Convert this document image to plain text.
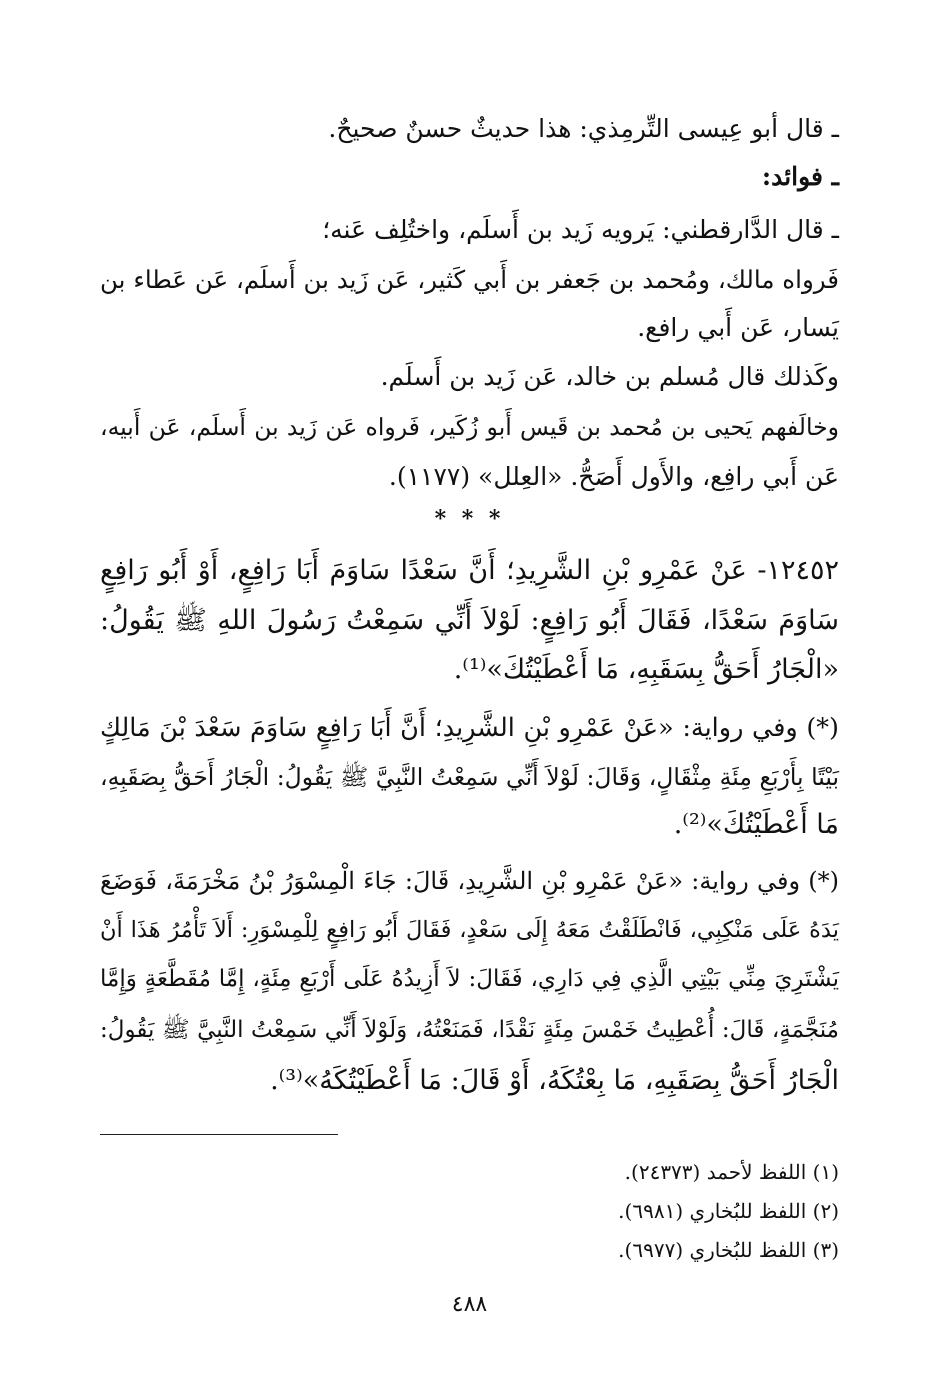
ـ قال أبو عِيسى التِّرمِذي: هذا حديثٌ حسنٌ صحيحٌ.
ـ فوائد:
ـ قال الدَّارقطني: يَرويه زَيد بن أَسلَم، واختُلِف عَنه؛
فَرواه مالك، ومُحمد بن جَعفر بن أَبي كَثير، عَن زَيد بن أَسلَم، عَن عَطاء بن
يَسار، عَن أَبي رافع.
وكَذلك قال مُسلم بن خالد، عَن زَيد بن أَسلَم.
وخالَفهم يَحيى بن مُحمد بن قَيس أَبو زُكَير، فَرواه عَن زَيد بن أَسلَم، عَن أَبيه،
عَن أَبي رافِع، والأَول أَصَحُّ. «العِلل» (١١٧٧).
* * *
١٢٤٥٢- عَنْ عَمْرِو بْنِ الشَّرِيدِ؛ أَنَّ سَعْدًا سَاوَمَ أَبَا رَافِعٍ، أَوْ أَبُو رَافِعٍ
سَاوَمَ سَعْدًا، فَقَالَ أَبُو رَافِعٍ: لَوْلاَ أَنِّي سَمِعْتُ رَسُولَ اللهِ ﷺ يَقُولُ:
«الْجَارُ أَحَقُّ بِسَقَبِهِ، مَا أَعْطَيْتُكَ»⁽¹⁾.
(*) وفي رواية: «عَنْ عَمْرِو بْنِ الشَّرِيدِ؛ أَنَّ أَبَا رَافِعٍ سَاوَمَ سَعْدَ بْنَ مَالِكٍ
بَيْتًا بِأَرْبَعِ مِئَةِ مِثْقَالٍ، وَقَالَ: لَوْلاَ أَنِّي سَمِعْتُ النَّبِيَّ ﷺ يَقُولُ: الْجَارُ أَحَقُّ بِصَقَبِهِ،
مَا أَعْطَيْتُكَ»⁽²⁾.
(*) وفي رواية: «عَنْ عَمْرِو بْنِ الشَّرِيدِ، قَالَ: جَاءَ الْمِسْوَرُ بْنُ مَخْرَمَةَ، فَوَضَعَ
يَدَهُ عَلَى مَنْكِبِي، فَانْطَلَقْتُ مَعَهُ إِلَى سَعْدٍ، فَقَالَ أَبُو رَافِعٍ لِلْمِسْوَرِ: أَلاَ تَأْمُرُ هَذَا أَنْ
يَشْتَرِيَ مِنِّي بَيْتِي الَّذِي فِي دَارِي، فَقَالَ: لاَ أَزِيدُهُ عَلَى أَرْبَعِ مِئَةٍ، إِمَّا مُقَطَّعَةٍ وَإِمَّا
مُنَجَّمَةٍ، قَالَ: أُعْطِيتُ خَمْسَ مِئَةٍ نَقْدًا، فَمَنَعْتُهُ، وَلَوْلاَ أَنِّي سَمِعْتُ النَّبِيَّ ﷺ يَقُولُ:
الْجَارُ أَحَقُّ بِصَقَبِهِ، مَا بِعْتُكَهُ، أَوْ قَالَ: مَا أَعْطَيْتُكَهُ»⁽³⁾.
(١) اللفظ لأحمد (٢٤٣٧٣).
(٢) اللفظ للبُخاري (٦٩٨١).
(٣) اللفظ للبُخاري (٦٩٧٧).
٤٨٨
